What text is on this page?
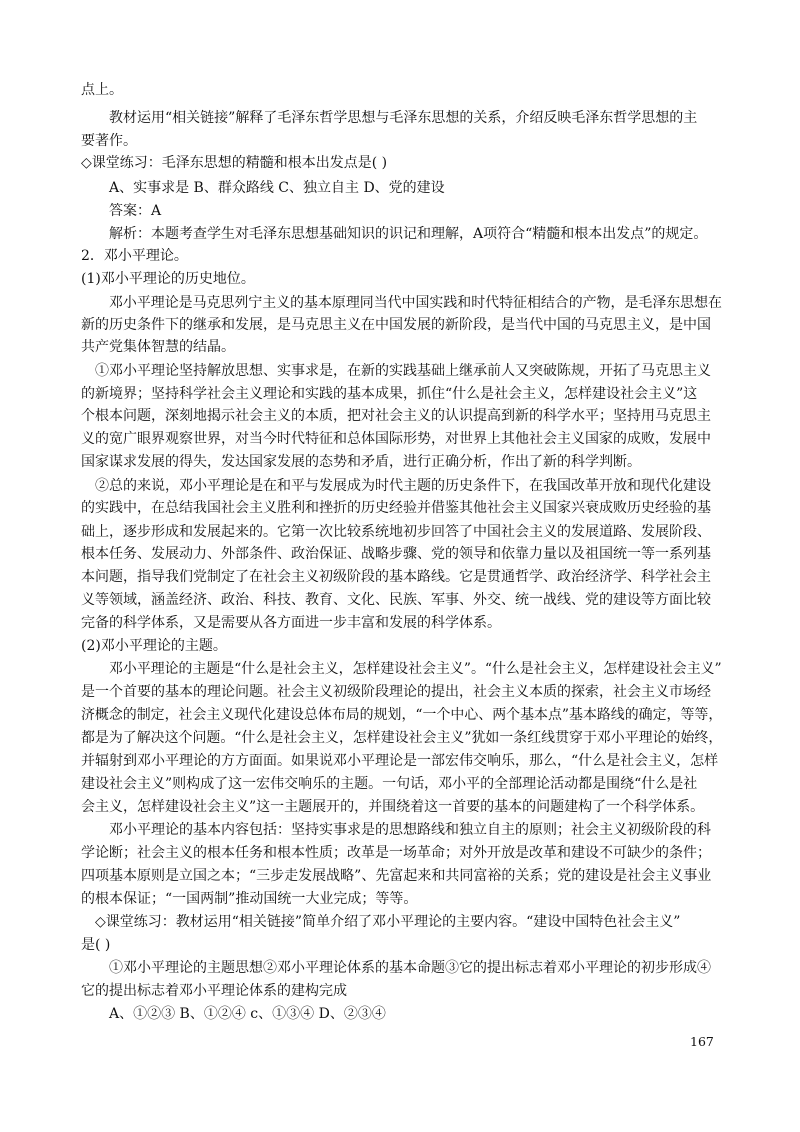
点上。

教材运用“相关链接”解释了毛泽东哲学思想与毛泽东思想的关系，介绍反映毛泽东哲学思想的主

要著作。

◇课堂练习：毛泽东思想的精髓和根本出发点是( )

A、实事求是 B、群众路线 C、独立自主 D、党的建设

答案：A

解析：本题考查学生对毛泽东思想基础知识的识记和理解，A项符合“精髓和根本出发点”的规定。

2．邓小平理论。

(1)邓小平理论的历史地位。

邓小平理论是马克思列宁主义的基本原理同当代中国实践和时代特征相结合的产物，是毛泽东思想在

新的历史条件下的继承和发展，是马克思主义在中国发展的新阶段，是当代中国的马克思主义，是中国

共产党集体智慧的结晶。

①邓小平理论坚持解放思想、实事求是，在新的实践基础上继承前人又突破陈规，开拓了马克思主义

的新境界；坚持科学社会主义理论和实践的基本成果，抓住“什么是社会主义，怎样建设社会主义”这

个根本问题，深刻地揭示社会主义的本质，把对社会主义的认识提高到新的科学水平；坚持用马克思主

义的宽广眼界观察世界，对当今时代特征和总体国际形势，对世界上其他社会主义国家的成败，发展中

国家谋求发展的得失，发达国家发展的态势和矛盾，进行正确分析，作出了新的科学判断。

②总的来说，邓小平理论是在和平与发展成为时代主题的历史条件下，在我国改革开放和现代化建设

的实践中，在总结我国社会主义胜利和挫折的历史经验并借鉴其他社会主义国家兴衰成败历史经验的基

础上，逐步形成和发展起来的。它第一次比较系统地初步回答了中国社会主义的发展道路、发展阶段、

根本任务、发展动力、外部条件、政治保证、战略步骤、党的领导和依靠力量以及祖国统一等一系列基

本问题，指导我们党制定了在社会主义初级阶段的基本路线。它是贯通哲学、政治经济学、科学社会主

义等领域，涵盖经济、政治、科技、教育、文化、民族、军事、外交、统一战线、党的建设等方面比较

完备的科学体系，又是需要从各方面进一步丰富和发展的科学体系。

(2)邓小平理论的主题。

邓小平理论的主题是“什么是社会主义，怎样建设社会主义”。“什么是社会主义，怎样建设社会主义”

是一个首要的基本的理论问题。社会主义初级阶段理论的提出，社会主义本质的探索，社会主义市场经

济概念的制定，社会主义现代化建设总体布局的规划，“一个中心、两个基本点”基本路线的确定，等等，

都是为了解决这个问题。“什么是社会主义，怎样建设社会主义”犹如一条红线贯穿于邓小平理论的始终，

并辐射到邓小平理论的方方面面。如果说邓小平理论是一部宏伟交响乐，那么，“什么是社会主义，怎样

建设社会主义”则构成了这一宏伟交响乐的主题。一句话，邓小平的全部理论活动都是围绕“什么是社

会主义，怎样建设社会主义”这一主题展开的，并围绕着这一首要的基本的问题建构了一个科学体系。

邓小平理论的基本内容包括：坚持实事求是的思想路线和独立自主的原则；社会主义初级阶段的科

学论断；社会主义的根本任务和根本性质；改革是一场革命；对外开放是改革和建设不可缺少的条件；

四项基本原则是立国之本；“三步走发展战略”、先富起来和共同富裕的关系；党的建设是社会主义事业

的根本保证；“一国两制”推动国统一大业完成；等等。

◇课堂练习：教材运用“相关链接”简单介绍了邓小平理论的主要内容。“建设中国特色社会主义”

是( )

①邓小平理论的主题思想②邓小平理论体系的基本命题③它的提出标志着邓小平理论的初步形成④

它的提出标志着邓小平理论体系的建构完成

A、①②③ B、①②④ c、①③④ D、②③④

167
